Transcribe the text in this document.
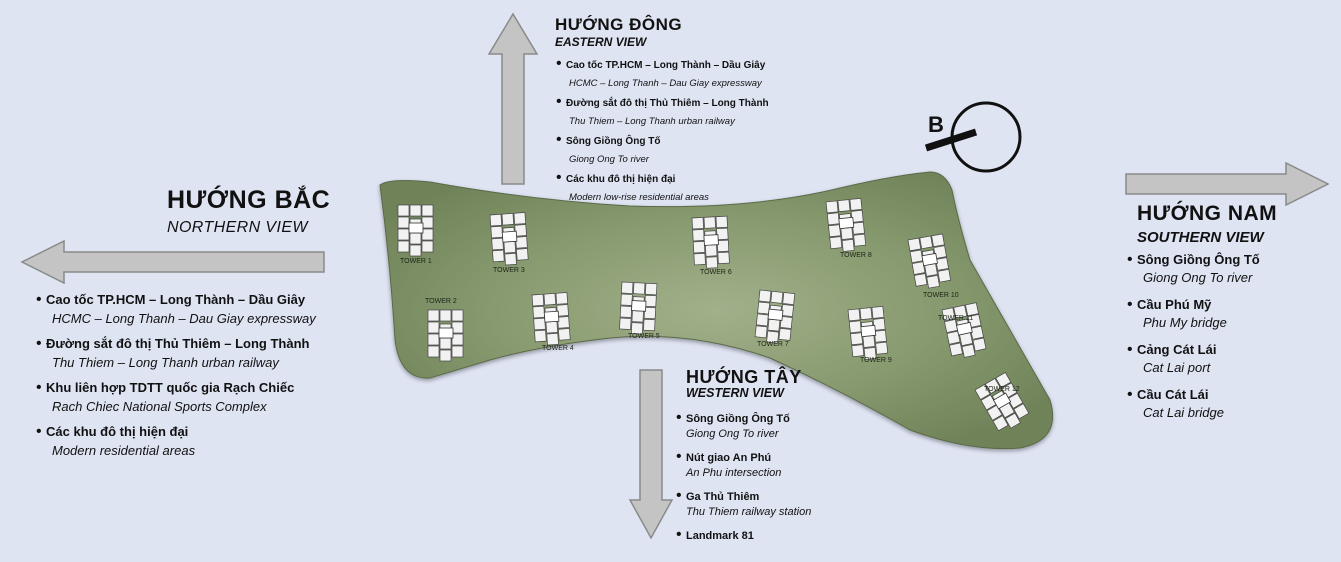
TOWER 1
TOWER 2
TOWER 3
TOWER 4
TOWER 5
TOWER 6
TOWER 7
TOWER 8
TOWER 9
TOWER 10
TOWER 11
TOWER 12
B
HƯỚNG BẮC
NORTHERN VIEW
• Cao tốc TP.HCM – Long Thành – Dầu Giây
HCMC – Long Thanh – Dau Giay expressway
• Đường sắt đô thị Thủ Thiêm – Long Thành
Thu Thiem – Long Thanh urban railway
• Khu liên hợp TDTT quốc gia Rạch Chiếc
Rach Chiec National Sports Complex
• Các khu đô thị hiện đại
Modern residential areas
HƯỚNG ĐÔNG
EASTERN VIEW
• Cao tốc TP.HCM – Long Thành – Dầu Giây
HCMC – Long Thanh – Dau Giay expressway
• Đường sắt đô thị Thủ Thiêm – Long Thành
Thu Thiem – Long Thanh urban railway
• Sông Giồng Ông Tố
Giong Ong To river
• Các khu đô thị hiện đại
Modern low-rise residential areas
HƯỚNG NAM
SOUTHERN VIEW
• Sông Giồng Ông Tố
Giong Ong To river
• Cầu Phú Mỹ
Phu My bridge
• Cảng Cát Lái
Cat Lai port
• Cầu Cát Lái
Cat Lai bridge
HƯỚNG TÂY
WESTERN VIEW
• Sông Giồng Ông Tố
Giong Ong To river
• Nút giao An Phú
An Phu intersection
• Ga Thủ Thiêm
Thu Thiem railway station
• Landmark 81
